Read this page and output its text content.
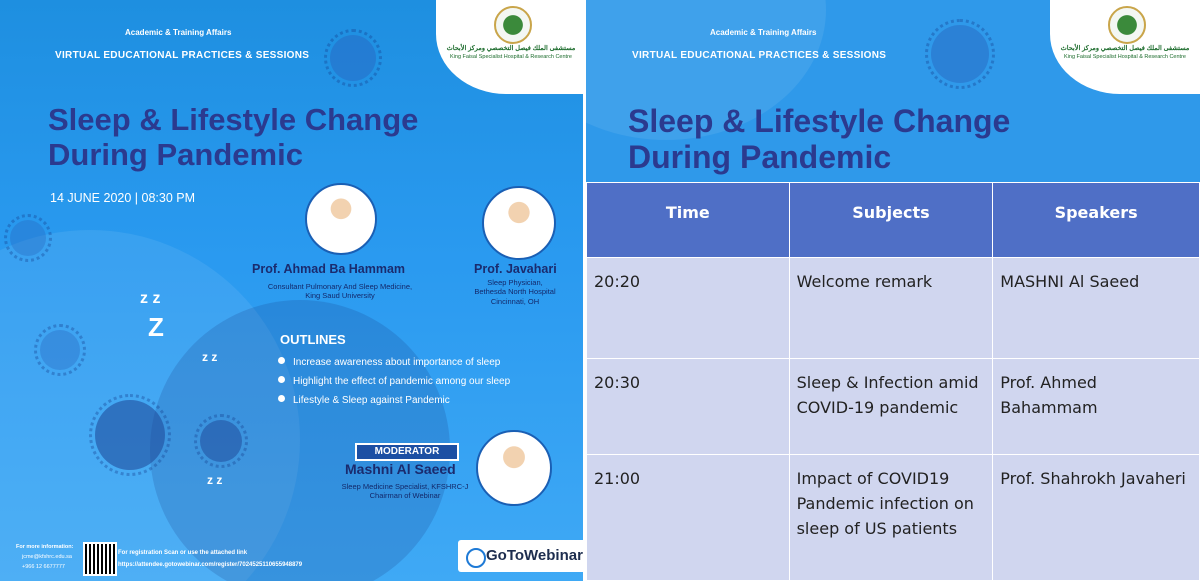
Academic & Training Affairs
VIRTUAL EDUCATIONAL PRACTICES & SESSIONS
مستشفى الملك فيصل التخصصي ومركز الأبحاث
King Faisal Specialist Hospital & Research Centre
Sleep & Lifestyle Change
During Pandemic
14 JUNE 2020 | 08:30 PM
Prof. Ahmad Ba Hammam
Consultant Pulmonary And Sleep Medicine,
King Saud University
Prof. Javahari
Sleep Physician,
Bethesda North Hospital
Cincinnati, OH
z z
Z
z z
z z
OUTLINES
Increase awareness about importance of sleep
Highlight the effect of pandemic among our sleep
Lifestyle & Sleep against Pandemic
MODERATOR
Mashni Al Saeed
Sleep Medicine Specialist, KFSHRC-J
Chairman of Webinar
For more information:
jcme@kfshrc.edu.sa
+966 12 6677777
For registration Scan or use the attached link
https://attendee.gotowebinar.com/register/7024525110655948879
GoToWebinar
Academic & Training Affairs
VIRTUAL EDUCATIONAL PRACTICES & SESSIONS
مستشفى الملك فيصل التخصصي ومركز الأبحاث
King Faisal Specialist Hospital & Research Centre
Sleep & Lifestyle Change
During Pandemic
Time	Subjects	Speakers
20:20	Welcome remark	MASHNI Al Saeed
20:30	Sleep & Infection amid COVID-19 pandemic	Prof. Ahmed Bahammam
21:00	Impact of COVID19 Pandemic infection on sleep of US patients	Prof. Shahrokh Javaheri
